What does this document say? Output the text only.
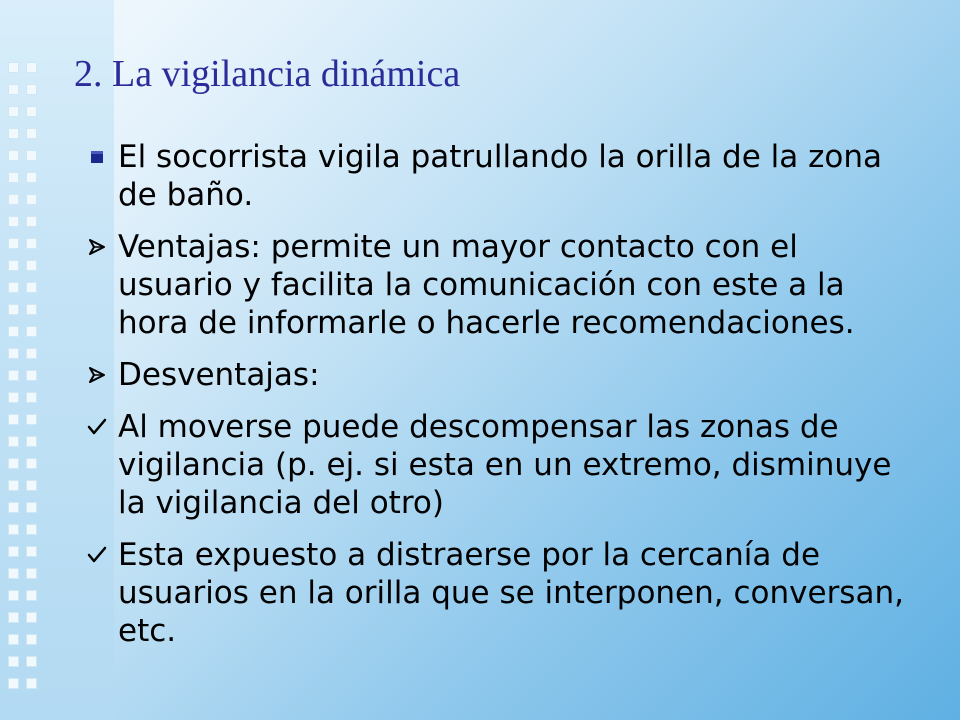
2. La vigilancia dinámica
El socorrista vigila patrullando la orilla de la zona de baño.
Ventajas: permite un mayor contacto con el usuario y facilita la comunicación con este a la hora de informarle o hacerle recomendaciones.
Desventajas:
Al moverse puede descompensar las zonas de vigilancia (p. ej. si esta en un extremo, disminuye la vigilancia del otro)
Esta expuesto a distraerse por la cercanía de usuarios en la orilla que se interponen, conversan, etc.
